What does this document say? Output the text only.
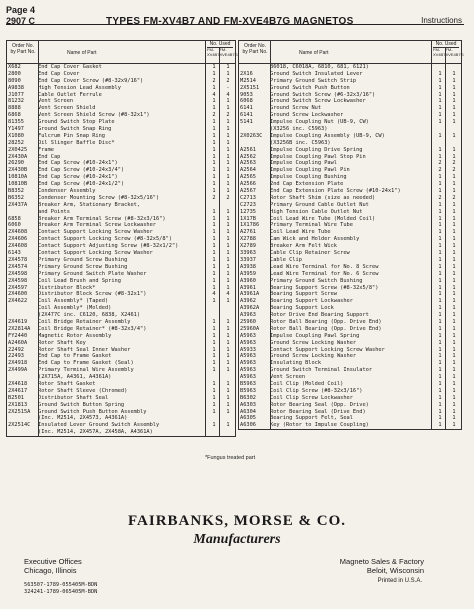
Page 4
2907 C	TYPES FM-XV4B7 AND FM-XVE4B7G MAGNETOS	Instructions
Order No. by Part No.	Name of Part
No. Used
FM-XV4B7
FM-XVE4B7G
X682	End Cap Cover Gasket	1	1
2800	End Cap Cover	1	1
8090	End Cap Cover Screw (#8-32x9/16")	2	2
A9838	High Tension Lead Assembly	1	-
J1077	Cable Outlet Ferrule	4	4
81232	Vent Screen	1	1
8888	Vent Screen Shield	1	1
6868	Vent Screen Shield Screw (#8-32x1")	2	2
81355	Ground Switch Stop Plate	1	1
Y1497	Ground Switch Snap Ring	1	1
X1080	Fulcrum Pin Snap Ring	1	1
28252	Oil Slinger Baffle Disc*	1	1
2X0425	Frame	1	1
2X430A	End Cap	1	1
26290	End Cap Screw (#10-24x1")	1	1
2X430B	End Cap Screw (#10-24x3/4")	1	1
10810A	End Cap Screw (#10-24x1")	1	1
10810B	End Cap Screw (#10-24x1/2")	1	1
B8352	Condenser Assembly	1	1
B6352	Condenser Mounting Screw (#8-32x5/16")	2	2
2X437A	Breaker Arm, Stationary Bracket,
and Points	1	1
6858	Breaker Arm Terminal Screw (#8-32x3/16")	1	1
6060	Breaker Arm Terminal Screw Lockwasher	1	1
2X4608	Contact Support Locking Screw Washer	1	1
2X4606	Contact Support Locking Screw (#8-32x5/8")	1	1
2X4608	Contact Support Adjusting Screw (#8-32x1/2")	1	1
6143	Contact Support Locking Screw Washer	1	1
2X4578	Primary Ground Screw Bushing	1	1
2X4574	Primary Ground Screw Bushing	1	1
2X4598	Primary Ground Switch Plate Washer	1	1
2X4598	Coil Lead Brush and Spring	1	1
2X4597	Distributor Block*	1	1
2X4600	Distributor Block Screw (#8-32x1")	4	4
2X4622	Coil Assembly* (Taped)	1	1
Coil Assembly* (Molded)
(2X477C inc. C6120, 6838, X2461)
2X4619	Coil Bridge Retainer Assembly	1	1
2X2814A	Coil Bridge Retainer* (#8-32x3/4")	1	1
FY2440	Magnetic Rotor Assembly	1	1
A2460A	Rotor Shaft Key	1	1
22492	Rotor Shaft Seal Inner Washer	1	1
22493	End Cap to Frame Gasket	1	1
2X4918	End Cap to Frame Gasket (Seal)	1	1
2X499A	Primary Terminal Wire Assembly	1	1
(2X715A, A4361, A4361A)
2X4618	Rotor Shaft Gasket	1	1
2X4617	Rotor Shaft Sleeve (Chromed)	1	1
B2501	Distributor Shaft Seal	1	1
2X1813	Ground Switch Button Spring	1	1
2X2515A	Ground Switch Push Button Assembly	1	1
(Inc. M2514, 2X4573, A4361A)
2X2514C	Insulated Lever Ground Switch Assembly	1	1
(Inc. M2514, 2X457A, 2X458A, A4361A)
Order No. by Part No.	Name of Part
No. Used
FM-XV4B7
FM-XVE4B7G
B6018, C6018A, 6810, 681, 6121)
2X16	Ground Switch Insulated Lever	1	1
M2514	Primary Ground Switch Strip	1	1
2X5151	Ground Switch Push Button	1	1
9053	Ground Switch Screw (#6-32x3/16")	1	1
6068	Ground Switch Screw Lockwasher	1	1
6141	Ground Screw Nut	1	1
6141	Ground Screw Lockwasher	1	1
5141	Impulse Coupling Nut (UB-9, CW)	1	1
(X3256 inc. C5963)
2X0263C	Impulse Coupling Assembly (UB-9, CW)	1	1
(X3256B inc. C5963)
A2561	Impulse Coupling Drive Spring	1	1
A2562	Impulse Coupling Pawl Stop Pin	1	1
A2563	Impulse Coupling Pawl	2	2
A2564	Impulse Coupling Pawl Pin	2	2
A2565	Impulse Coupling Bushing	1	1
A2566	2nd Cap Extension Plate	1	1
A2567	End Cap Extension Plate Screw (#10-24x1")	1	1
C2713	Rotor Shaft Shim (size as needed)	2	2
C2723	Primary Ground Cable Outlet Nut	1	1
12735	High Tension Cable Outlet Nut	1	1
1X17B	Coil Lead Wire Tube (Molded Coil)	1	1
1X1786	Primary Terminal Wire Tube	1	1
A2761	Coil Lead Wire Tube	1	1
X2788	Cam Wick and Holder Assembly	1	1
X2789	Breaker Arm Felt Wick	1	1
33963	Cable Clip Retainer Screw	1	1
33937	Cable Clip	1	1
A3938	Lead Wire Terminal for No. 8 Screw	1	1
A3959	Lead Wire Terminal for No. 6 Screw	1	1
A3960	Primary Ground Switch Bushing	1	1
A3961	Bearing Support Screw (#8-32x5/8")	1	1
A3961A	Bearing Support Screw	1	1
A3962	Bearing Support Lockwasher	1	1
A3962A	Bearing Support Lock	1	1
A3963	Rotor Drive End Bearing Support	1	1
25960	Rotor Ball Bearing (Opp. Drive End)	1	1
25960A	Rotor Ball Bearing (Opp. Drive End)	1	1
A5963	Impulse Coupling Pawl Spring	1	1
A5963	Ground Screw Locking Washer	1	1
A5933	Contact Support Locking Screw Washer	1	1
A5963	Ground Screw Locking Washer	1	1
A5963	Insulating Block	1	1
A5963	Ground Switch Terminal Insulator	1	1
A5963	Vent Screen	1	1
B5963	Coil Clip (Molded Coil)	1	1
B5963	Coil Clip Screw (#8-32x3/16")	1	1
B6302	Coil Clip Screw Lockwasher	1	1
A6303	Rotor Bearing Seal (Opp. Drive)	1	1
A6304	Rotor Bearing Seal (Drive End)	1	1
A6305	Bearing Support Felt, Seal	1	1
A6306	Key (Rotor to Impulse Coupling)	1	1
*Fungus treated part
FAIRBANKS, MORSE & CO.
Manufacturers
Executive Offices
Chicago, Illinois
Magneto Sales & Factory
Beloit, Wisconsin
Printed in U.S.A.
563507-1789-055405M-BDN
324241-1789-065405M-BDN
